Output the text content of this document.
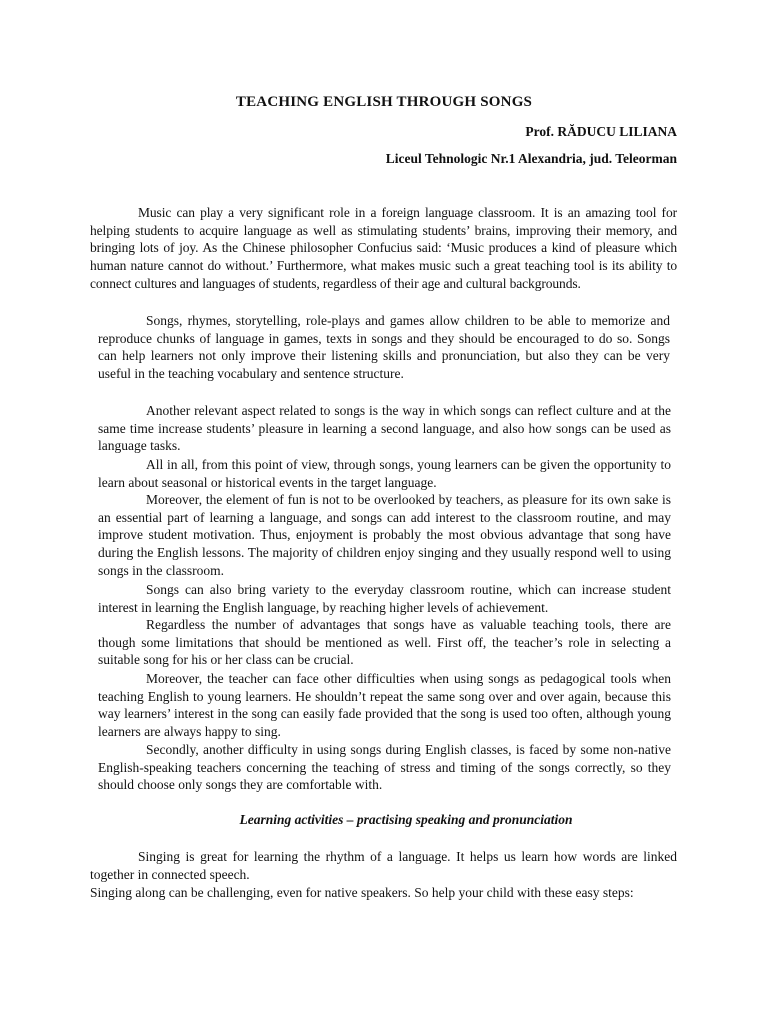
TEACHING ENGLISH THROUGH SONGS
Prof. RĂDUCU LILIANA
Liceul Tehnologic Nr.1 Alexandria, jud. Teleorman

Music can play a very significant role in a foreign language classroom. It is an amazing tool for helping students to acquire language as well as stimulating students’ brains, improving their memory, and bringing lots of joy. As the Chinese philosopher Confucius said: ‘Music produces a kind of pleasure which human nature cannot do without.’ Furthermore, what makes music such a great teaching tool is its ability to connect cultures and languages of students, regardless of their age and cultural backgrounds.

Songs, rhymes, storytelling, role-plays and games allow children to be able to memorize and reproduce chunks of language in games, texts in songs and they should be encouraged to do so. Songs can help learners not only improve their listening skills and pronunciation, but also they can be very useful in the teaching vocabulary and sentence structure.

Another relevant aspect related to songs is the way in which songs can reflect culture and at the same time increase students’ pleasure in learning a second language, and also how songs can be used as language tasks.

All in all, from this point of view, through songs, young learners can be given the opportunity to learn about seasonal or historical events in the target language.

Moreover, the element of fun is not to be overlooked by teachers, as pleasure for its own sake is an essential part of learning a language, and songs can add interest to the classroom routine, and may improve student motivation. Thus, enjoyment is probably the most obvious advantage that song have during the English lessons. The majority of children enjoy singing and they usually respond well to using songs in the classroom.

Songs can also bring variety to the everyday classroom routine, which can increase student interest in learning the English language, by reaching higher levels of achievement.

Regardless the number of advantages that songs have as valuable teaching tools, there are though some limitations that should be mentioned as well. First off, the teacher’s role in selecting a suitable song for his or her class can be crucial.

Moreover, the teacher can face other difficulties when using songs as pedagogical tools when teaching English to young learners. He shouldn’t repeat the same song over and over again, because this way learners’ interest in the song can easily fade provided that the song is used too often, although young learners are always happy to sing.

Secondly, another difficulty in using songs during English classes, is faced by some non-native English-speaking teachers concerning the teaching of stress and timing of the songs correctly, so they should choose only songs they are comfortable with.

Learning activities – practising speaking and pronunciation

Singing is great for learning the rhythm of a language. It helps us learn how words are linked together in connected speech.

Singing along can be challenging, even for native speakers. So help your child with these easy steps:
